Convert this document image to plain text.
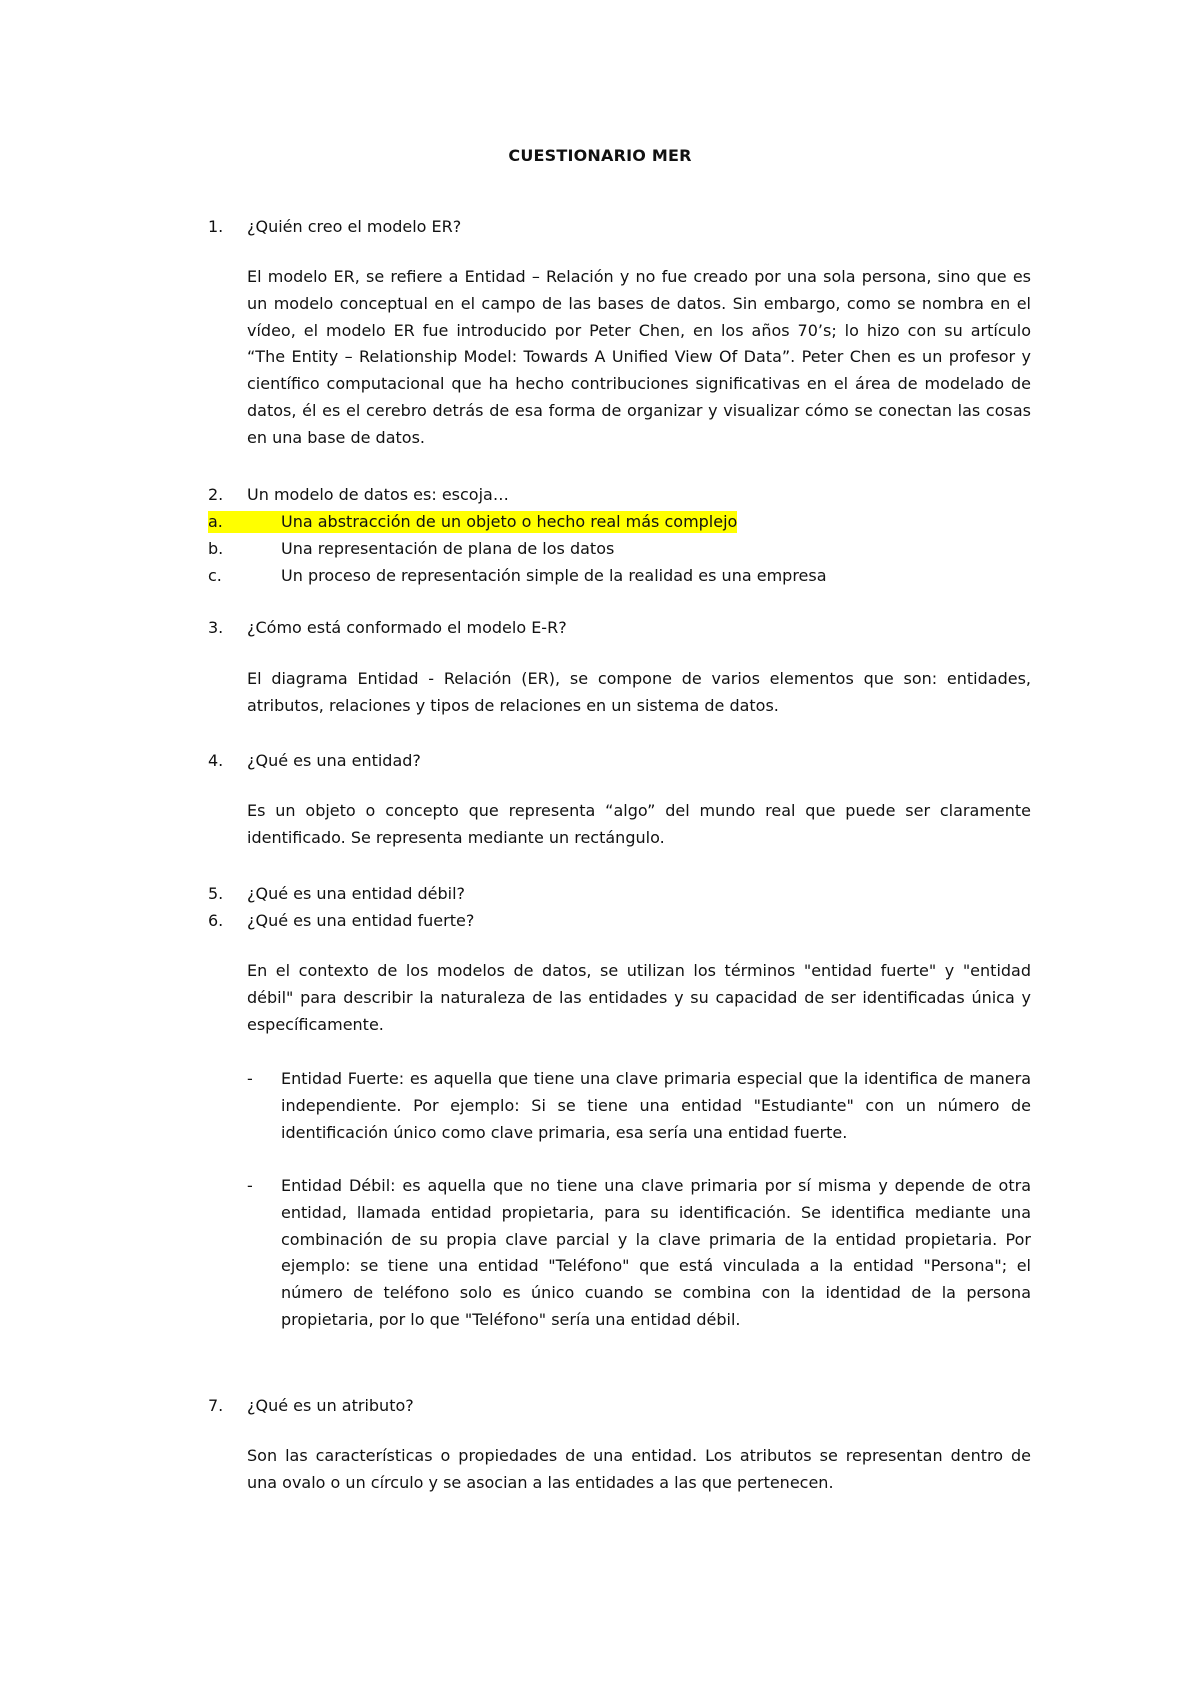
CUESTIONARIO MER
1. ¿Quién creo el modelo ER?
El modelo ER, se refiere a Entidad – Relación y no fue creado por una sola persona, sino que es
un modelo conceptual en el campo de las bases de datos. Sin embargo, como se nombra en el
vídeo, el modelo ER fue introducido por Peter Chen, en los años 70’s; lo hizo con su artículo
“The Entity – Relationship Model: Towards A Unified View Of Data”. Peter Chen es un profesor y
científico computacional que ha hecho contribuciones significativas en el área de modelado de
datos, él es el cerebro detrás de esa forma de organizar y visualizar cómo se conectan las cosas
en una base de datos.
2. Un modelo de datos es: escoja…
a.	Una abstracción de un objeto o hecho real más complejo
b.	Una representación de plana de los datos
c.	Un proceso de representación simple de la realidad es una empresa
3. ¿Cómo está conformado el modelo E-R?
El diagrama Entidad - Relación (ER), se compone de varios elementos que son: entidades,
atributos, relaciones y tipos de relaciones en un sistema de datos.
4. ¿Qué es una entidad?
Es un objeto o concepto que representa “algo” del mundo real que puede ser claramente
identificado. Se representa mediante un rectángulo.
5. ¿Qué es una entidad débil?
6. ¿Qué es una entidad fuerte?
En el contexto de los modelos de datos, se utilizan los términos "entidad fuerte" y "entidad
débil" para describir la naturaleza de las entidades y su capacidad de ser identificadas única y
específicamente.
- Entidad Fuerte: es aquella que tiene una clave primaria especial que la identifica de manera
independiente. Por ejemplo: Si se tiene una entidad "Estudiante" con un número de
identificación único como clave primaria, esa sería una entidad fuerte.
- Entidad Débil: es aquella que no tiene una clave primaria por sí misma y depende de otra
entidad, llamada entidad propietaria, para su identificación. Se identifica mediante una
combinación de su propia clave parcial y la clave primaria de la entidad propietaria. Por
ejemplo: se tiene una entidad "Teléfono" que está vinculada a la entidad "Persona"; el
número de teléfono solo es único cuando se combina con la identidad de la persona
propietaria, por lo que "Teléfono" sería una entidad débil.
7. ¿Qué es un atributo?
Son las características o propiedades de una entidad. Los atributos se representan dentro de
una ovalo o un círculo y se asocian a las entidades a las que pertenecen.
